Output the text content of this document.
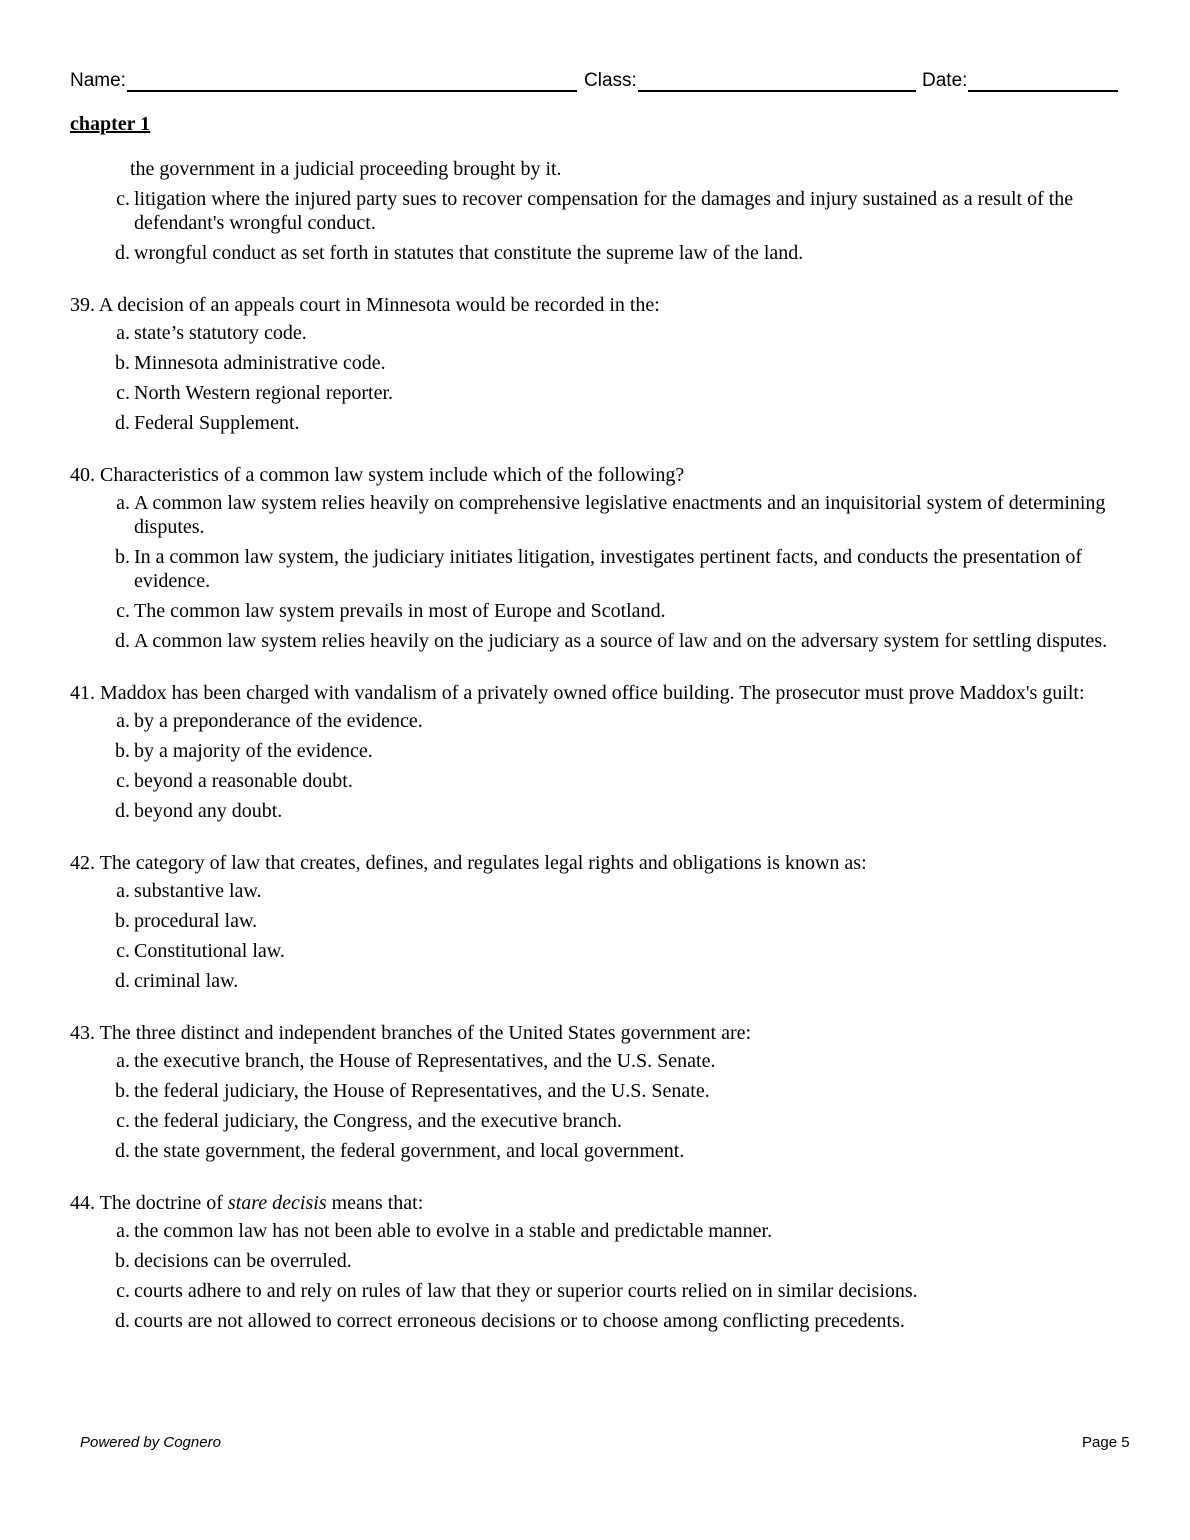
Name:	Class:	Date:
chapter 1
the government in a judicial proceeding brought by it.
c. litigation where the injured party sues to recover compensation for the damages and injury sustained as a result of the defendant's wrongful conduct.
d. wrongful conduct as set forth in statutes that constitute the supreme law of the land.
39. A decision of an appeals court in Minnesota would be recorded in the:
a. state’s statutory code.
b. Minnesota administrative code.
c. North Western regional reporter.
d. Federal Supplement.
40. Characteristics of a common law system include which of the following?
a. A common law system relies heavily on comprehensive legislative enactments and an inquisitorial system of determining disputes.
b. In a common law system, the judiciary initiates litigation, investigates pertinent facts, and conducts the presentation of evidence.
c. The common law system prevails in most of Europe and Scotland.
d. A common law system relies heavily on the judiciary as a source of law and on the adversary system for settling disputes.
41. Maddox has been charged with vandalism of a privately owned office building. The prosecutor must prove Maddox's guilt:
a. by a preponderance of the evidence.
b. by a majority of the evidence.
c. beyond a reasonable doubt.
d. beyond any doubt.
42. The category of law that creates, defines, and regulates legal rights and obligations is known as:
a. substantive law.
b. procedural law.
c. Constitutional law.
d. criminal law.
43. The three distinct and independent branches of the United States government are:
a. the executive branch, the House of Representatives, and the U.S. Senate.
b. the federal judiciary, the House of Representatives, and the U.S. Senate.
c. the federal judiciary, the Congress, and the executive branch.
d. the state government, the federal government, and local government.
44. The doctrine of stare decisis means that:
a. the common law has not been able to evolve in a stable and predictable manner.
b. decisions can be overruled.
c. courts adhere to and rely on rules of law that they or superior courts relied on in similar decisions.
d. courts are not allowed to correct erroneous decisions or to choose among conflicting precedents.
Powered by Cognero	Page 5
